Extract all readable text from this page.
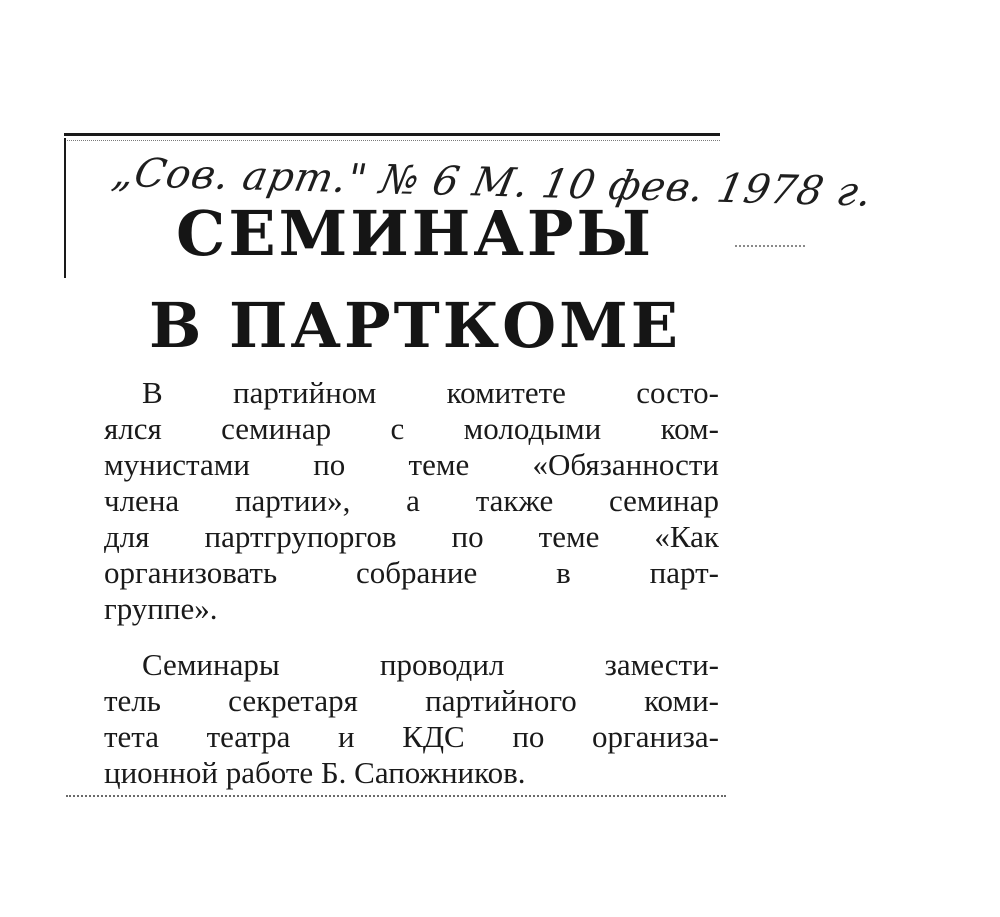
„Сов. арт." № 6 М. 10 фев. 1978 г.
СЕМИНАРЫ
В ПАРТКОМЕ
В партийном комитете состо-
ялся семинар с молодыми ком-
мунистами по теме «Обязанности
члена партии», а также семинар
для партгрупоргов по теме «Как
организовать собрание в парт-
группе».
Семинары проводил замести-
тель секретаря партийного коми-
тета театра и КДС по организа-
ционной работе Б. Сапожников.
